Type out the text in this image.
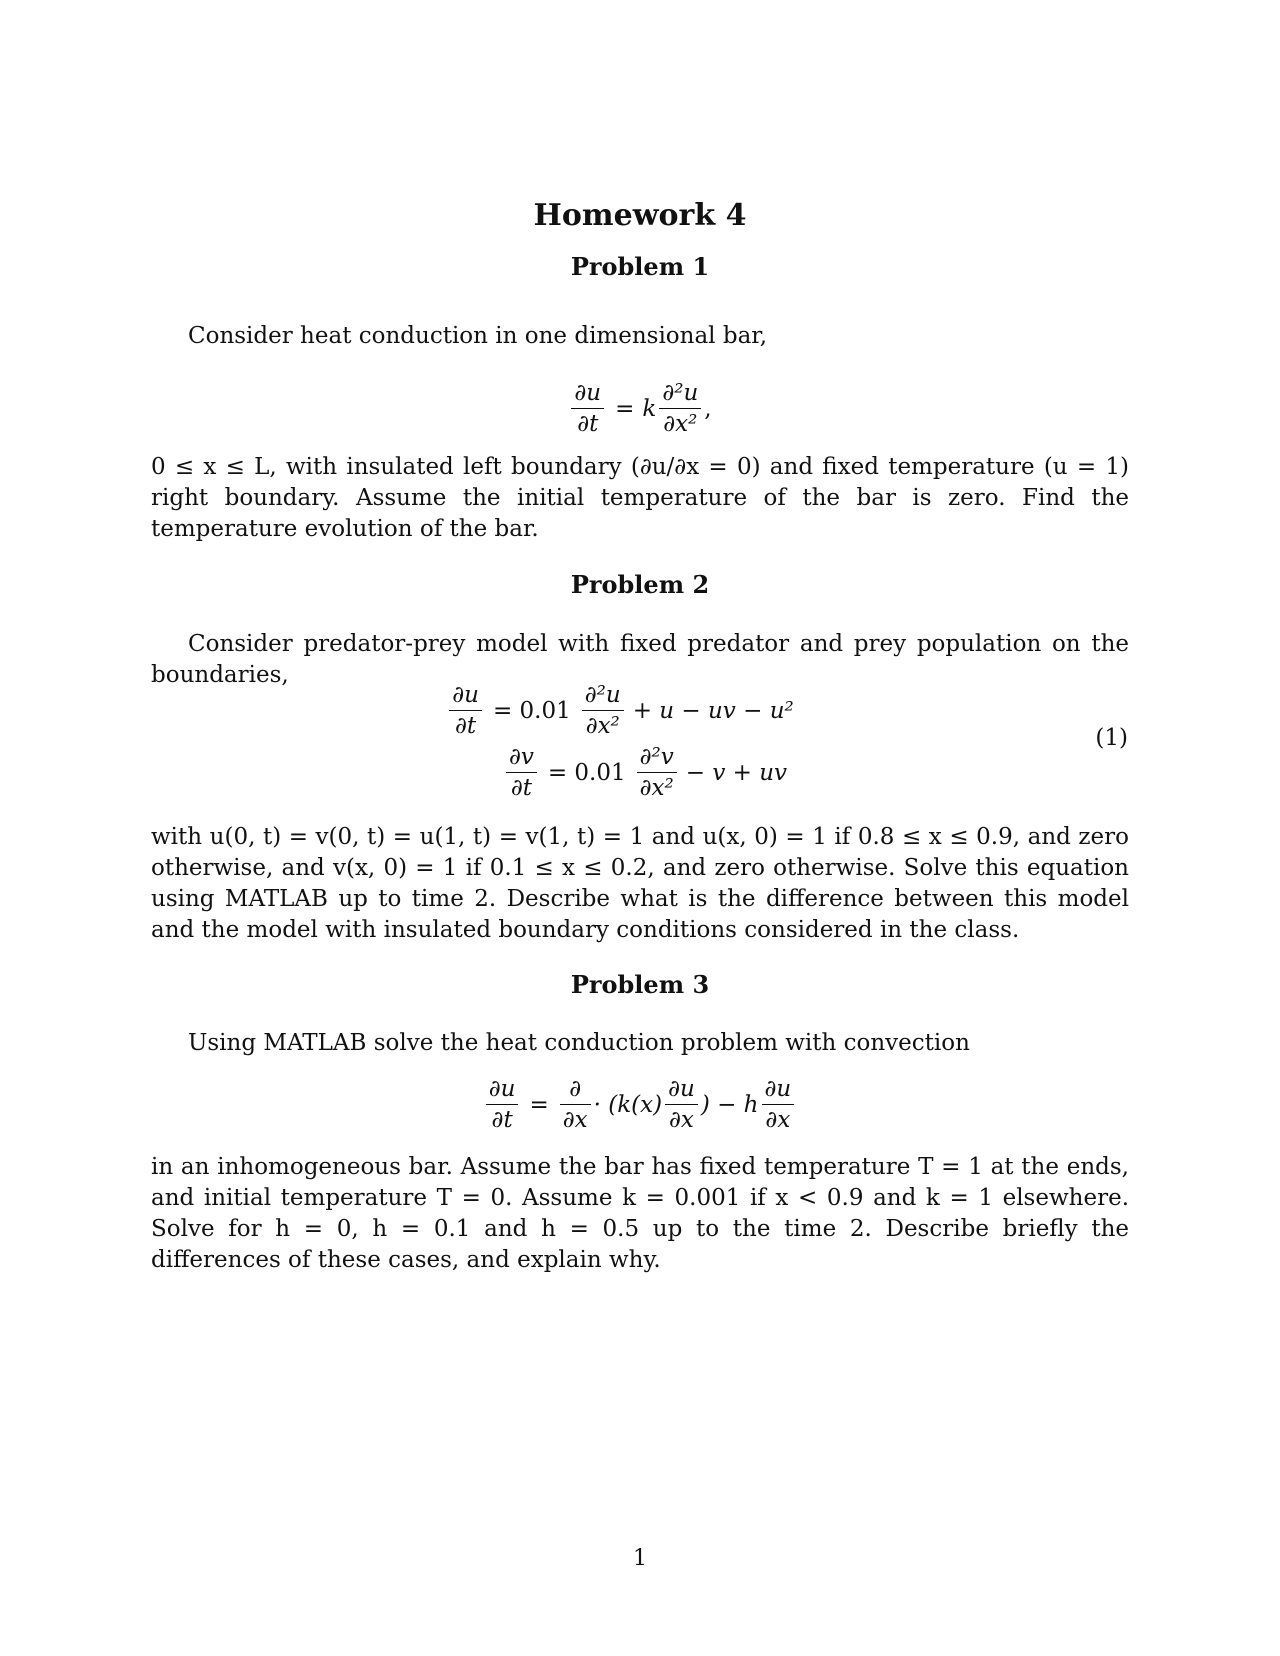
Homework 4
Problem 1
Consider heat conduction in one dimensional bar,
$\frac{\partial u}{\partial t} = k \frac{\text{∂²u}}{\text{∂x²}}$ ,
0 ≤ x ≤ L, with insulated left boundary (∂u/∂x = 0) and fixed temperature (u = 1) right boundary. Assume the initial temperature of the bar is zero. Find the temperature evolution of the bar.
Problem 2
Consider predator-prey model with fixed predator and prey population on the boundaries,
$\frac{\partial u}{\partial t} = 0.01 \frac{\text{∂²u}}{\text{∂x²}} + u$ − uv − u²
(1)
$\frac{\partial v}{\partial t} = 0.01 \frac{\text{∂²v}}{\text{∂x²}} - v$ + uv
with u(0, t) = v(0, t) = u(1, t) = v(1, t) = 1 and u(x, 0) = 1 if 0.8 ≤ x ≤ 0.9, and zero otherwise, and v(x, 0) = 1 if 0.1 ≤ x ≤ 0.2, and zero otherwise. Solve this equation using MATLAB up to time 2. Describe what is the difference between this model and the model with insulated boundary conditions considered in the class.
Problem 3
Using MATLAB solve the heat conduction problem with convection
$\frac{\partial u}{\partial t} = \frac{\partial}{\partial x} \cdot (k(x) \frac{\partial u}{\partial x}$ ) − h $\frac{\partial u}{\partial x}$
in an inhomogeneous bar. Assume the bar has fixed temperature T = 1 at the ends, and initial temperature T = 0. Assume k = 0.001 if x < 0.9 and k = 1 elsewhere. Solve for h = 0, h = 0.1 and h = 0.5 up to the time 2. Describe briefly the differences of these cases, and explain why.
1
